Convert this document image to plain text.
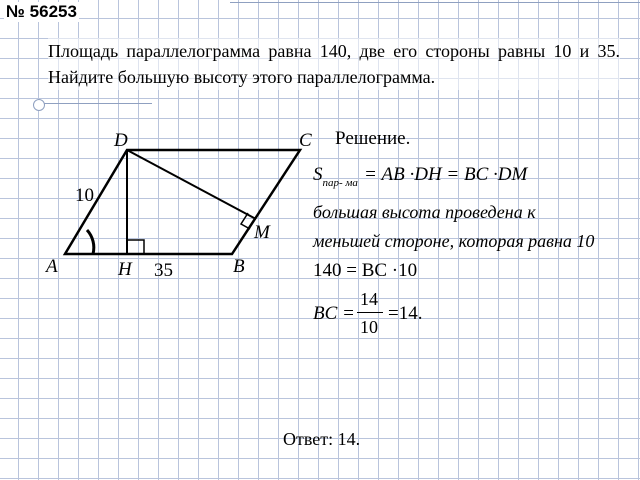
№ 56253
Площадь параллелограмма равна 140, две его стороны равны 10 и 35. Найдите большую высоту этого параллелограмма.
D	C
M
A	H	B
10
35
Решение.
$S_{пар- ма}$ = AB ·DH = BC ·DM
большая высота проведена к
меньшей стороне, которая равна 10
140 = BC ·10
BC =
14
10
=14.
Ответ: 14.
